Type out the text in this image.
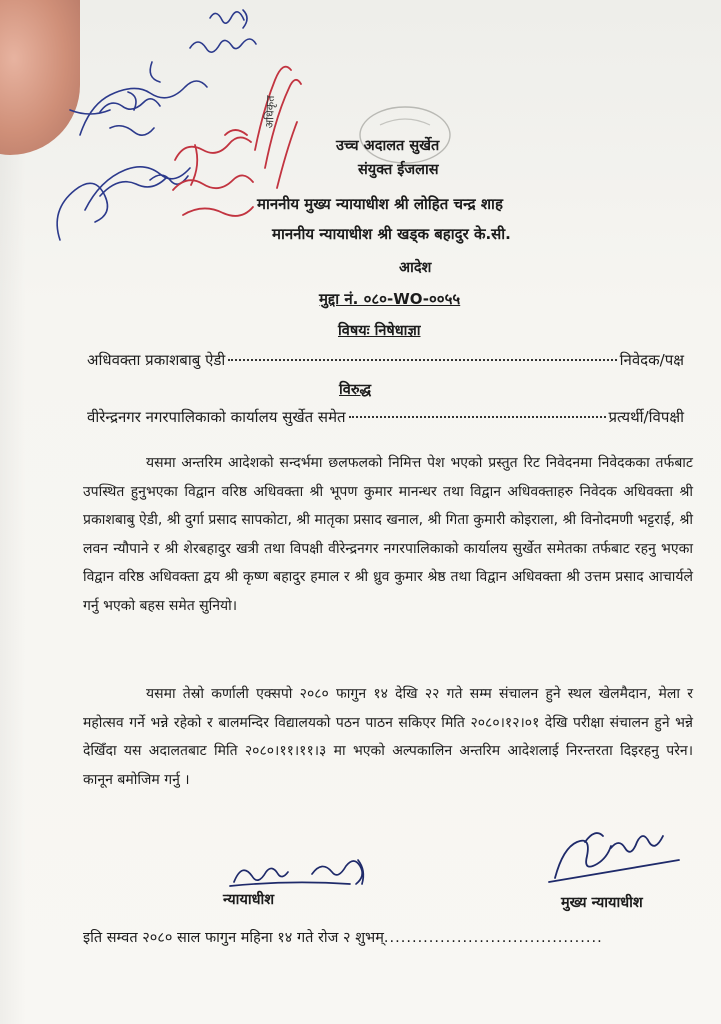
अधिकृत
उच्च अदालत सुर्खेत
संयुक्त ईजलास
माननीय मुख्य न्यायाधीश श्री लोहित चन्द्र शाह
माननीय न्यायाधीश श्री खड्क बहादुर के.सी.
आदेश
मुद्दा नं. ०८०-WO-००५५
विषयः निषेधाज्ञा
अधिवक्ता प्रकाशबाबु ऐडी	निवेदक/पक्ष
विरुद्ध
वीरेन्द्रनगर नगरपालिकाको कार्यालय सुर्खेत समेत	प्रत्यर्थी/विपक्षी
यसमा अन्तरिम आदेशको सन्दर्भमा छलफलको निमित्त पेश भएको प्रस्तुत रिट निवेदनमा निवेदकका तर्फबाट उपस्थित हुनुभएका विद्वान वरिष्ठ अधिवक्ता श्री भूपण कुमार मानन्धर तथा विद्वान अधिवक्ताहरु निवेदक अधिवक्ता श्री प्रकाशबाबु ऐडी, श्री दुर्गा प्रसाद सापकोटा, श्री मातृका प्रसाद खनाल, श्री गिता कुमारी कोइराला, श्री विनोदमणी भट्टराई, श्री लवन न्यौपाने र श्री शेरबहादुर खत्री तथा विपक्षी वीरेन्द्रनगर नगरपालिकाको कार्यालय सुर्खेत समेतका तर्फबाट रहनु भएका विद्वान वरिष्ठ अधिवक्ता द्वय श्री कृष्ण बहादुर हमाल र श्री ध्रुव कुमार श्रेष्ठ तथा विद्वान अधिवक्ता श्री उत्तम प्रसाद आचार्यले गर्नु भएको बहस समेत सुनियो।
यसमा तेस्रो कर्णाली एक्सपो २०८० फागुन १४ देखि २२ गते सम्म संचालन हुने स्थल खेलमैदान, मेला र महोत्सव गर्ने भन्ने रहेको र बालमन्दिर विद्यालयको पठन पाठन सकिएर मिति २०८०।१२।०१ देखि परीक्षा संचालन हुने भन्ने देखिँदा यस अदालतबाट मिति २०८०।११।११।३ मा भएको अल्पकालिन अन्तरिम आदेशलाई निरन्तरता दिइरहनु परेन। कानून बमोजिम गर्नु ।
न्यायाधीश	मुख्य न्यायाधीश
इति सम्वत २०८० साल फागुन महिना १४ गते रोज २ शुभम्.......................................
